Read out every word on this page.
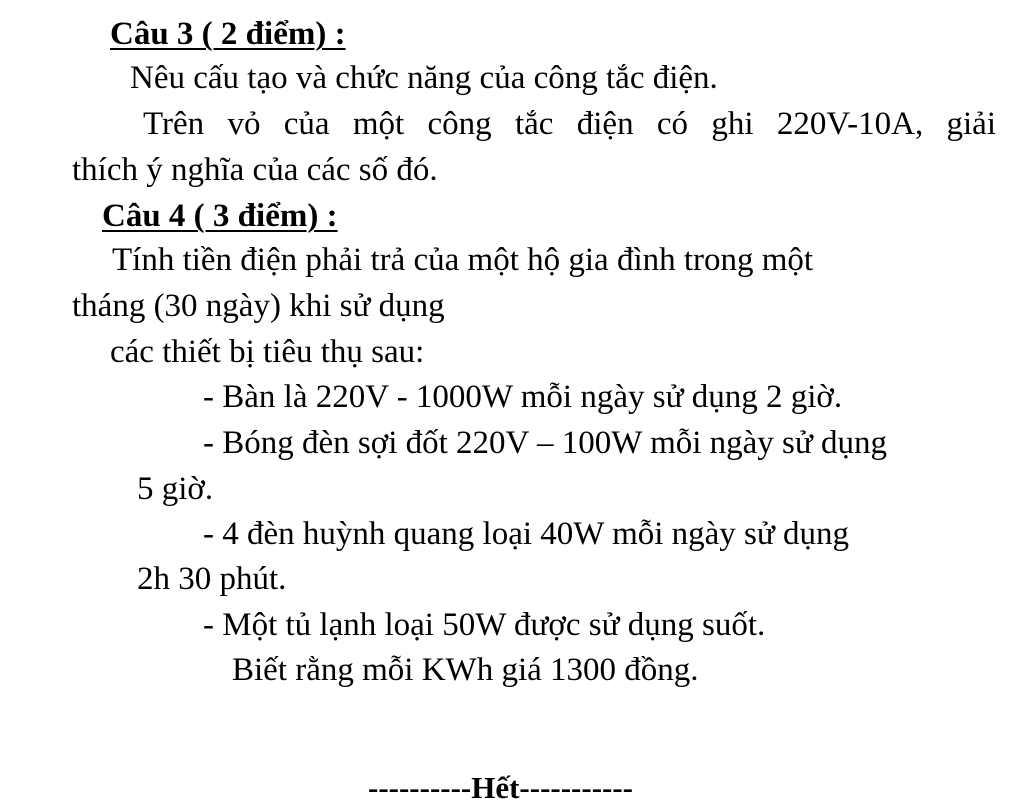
Câu 3 ( 2 điểm) :
Nêu cấu tạo và chức năng của công tắc điện.
Trên vỏ của một công tắc điện có ghi 220V-10A, giải
thích ý nghĩa của các số đó.
Câu 4 ( 3 điểm) :
Tính tiền điện phải trả của một hộ gia đình trong một
tháng (30 ngày) khi sử dụng
các thiết bị tiêu thụ sau:
- Bàn là 220V - 1000W mỗi ngày sử dụng 2 giờ.
- Bóng đèn sợi đốt 220V – 100W mỗi ngày sử dụng
5 giờ.
- 4 đèn huỳnh quang loại 40W mỗi ngày sử dụng
2h 30 phút.
- Một tủ lạnh loại 50W được sử dụng suốt.
Biết rằng mỗi KWh giá 1300 đồng.
----------Hết-----------
